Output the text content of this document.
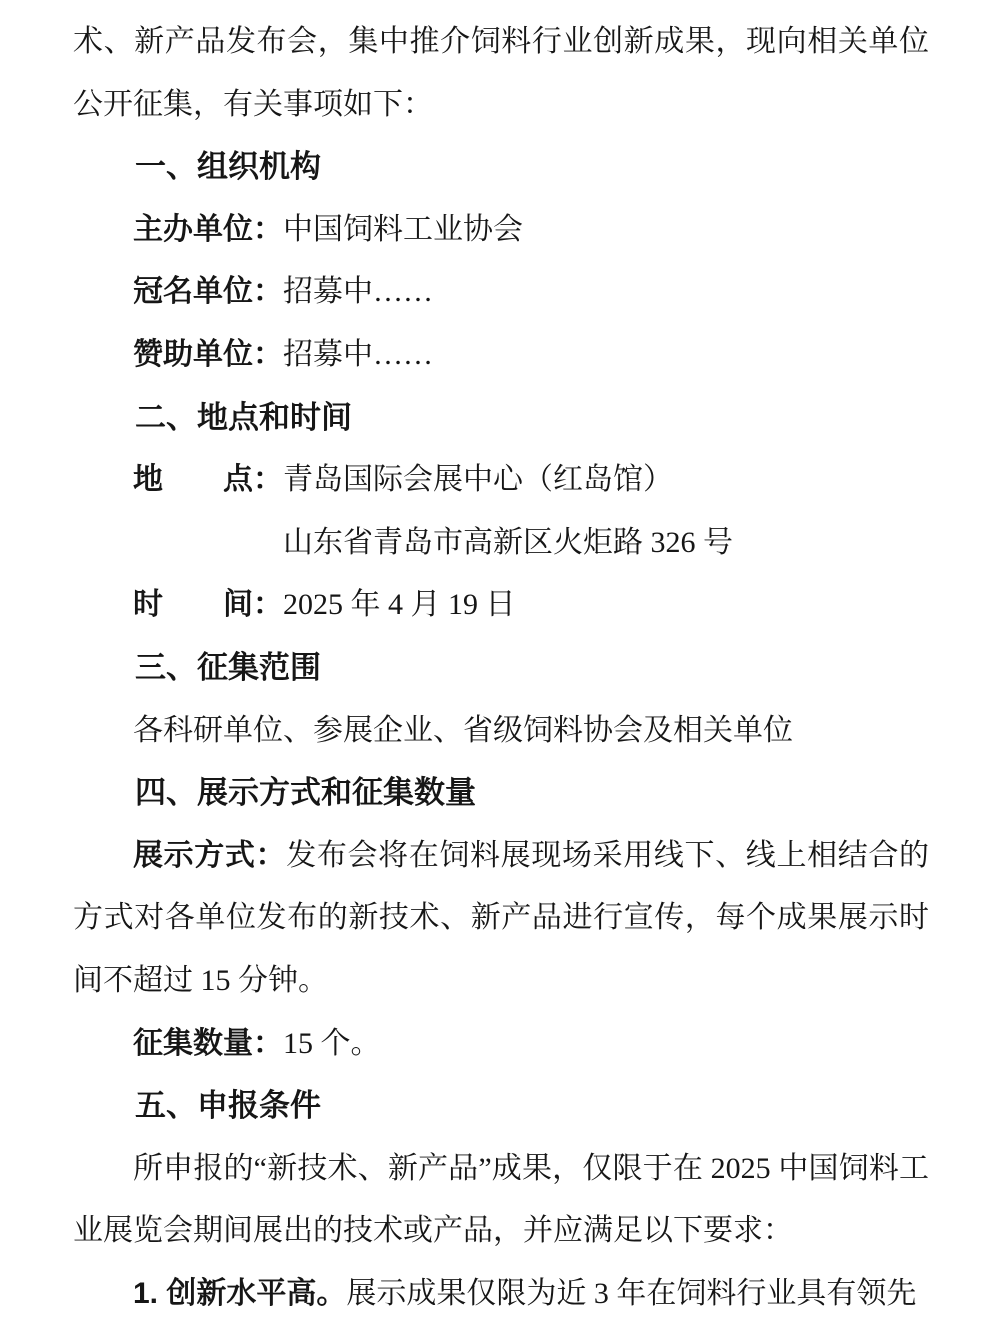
术、新产品发布会，集中推介饲料行业创新成果，现向相关单位公开征集，有关事项如下：

一、组织机构

主办单位：中国饲料工业协会

冠名单位：招募中……

赞助单位：招募中……

二、地点和时间

地　　点：青岛国际会展中心（红岛馆）

山东省青岛市高新区火炬路 326 号

时　　间：2025 年 4 月 19 日

三、征集范围

各科研单位、参展企业、省级饲料协会及相关单位

四、展示方式和征集数量

展示方式：发布会将在饲料展现场采用线下、线上相结合的方式对各单位发布的新技术、新产品进行宣传，每个成果展示时间不超过 15 分钟。

征集数量：15 个。

五、申报条件

所申报的“新技术、新产品”成果，仅限于在 2025 中国饲料工业展览会期间展出的技术或产品，并应满足以下要求：

1. 创新水平高。展示成果仅限为近 3 年在饲料行业具有领先
